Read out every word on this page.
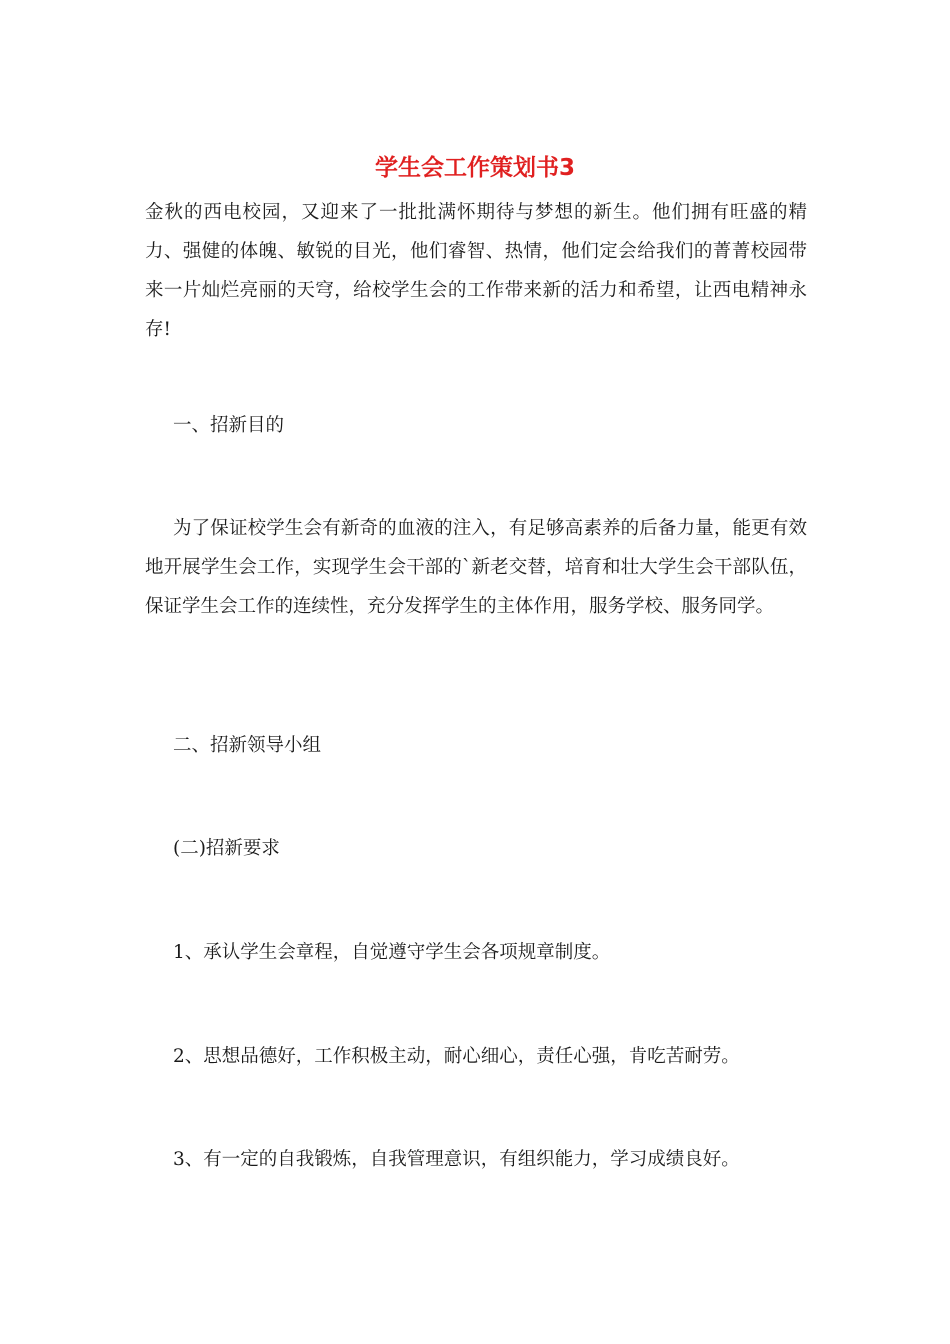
学生会工作策划书3

金秋的西电校园，又迎来了一批批满怀期待与梦想的新生。他们拥有旺盛的精力、强健的体魄、敏锐的目光，他们睿智、热情，他们定会给我们的菁菁校园带来一片灿烂亮丽的天穹，给校学生会的工作带来新的活力和希望，让西电精神永存!

一、招新目的

为了保证校学生会有新奇的血液的注入，有足够高素养的后备力量，能更有效地开展学生会工作，实现学生会干部的`新老交替，培育和壮大学生会干部队伍，保证学生会工作的连续性，充分发挥学生的主体作用，服务学校、服务同学。

二、招新领导小组

(二)招新要求

1、承认学生会章程，自觉遵守学生会各项规章制度。

2、思想品德好，工作积极主动，耐心细心，责任心强，肯吃苦耐劳。

3、有一定的自我锻炼，自我管理意识，有组织能力，学习成绩良好。
